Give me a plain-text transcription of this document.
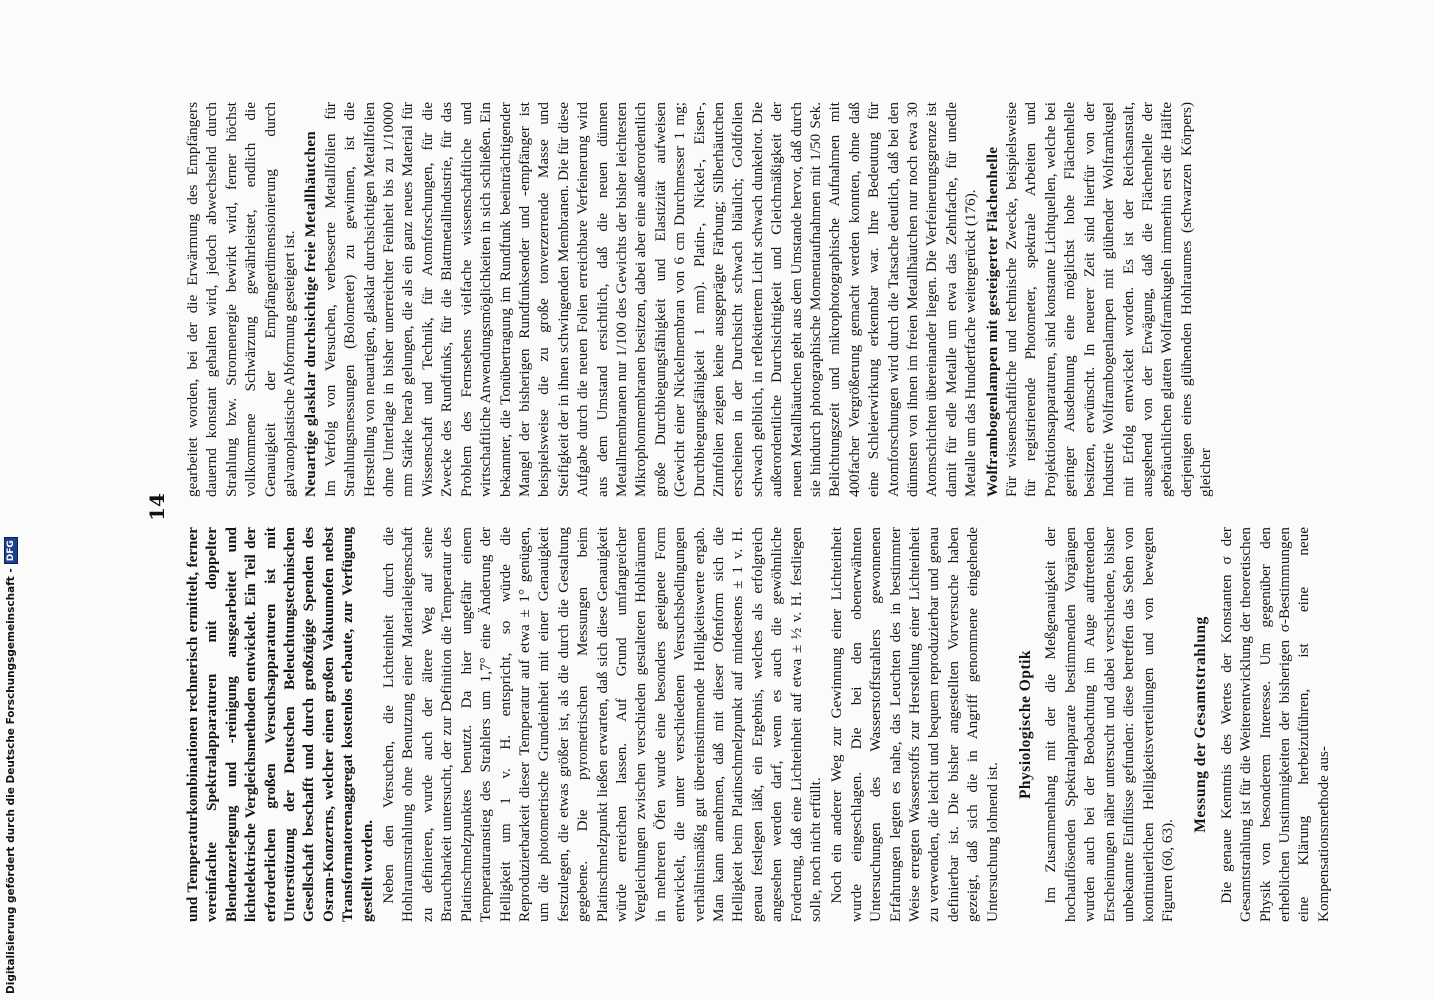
14

und Temperaturkombinationen rechnerisch ermittelt, ferner vereinfachte Spektralapparaturen mit doppelter Blendenzerlegung und -reinigung ausgearbeitet und lichtelektrische Vergleichsmethoden entwickelt. Ein Teil der erforderlichen großen Versuchsapparaturen ist mit Unterstützung der Deutschen Beleuchtungstechnischen Gesellschaft beschafft und durch großzügige Spenden des Osram-Konzerns, welcher einen großen Vakuumofen nebst Transformatorenaggregat kostenlos erbaute, zur Verfügung gestellt worden. Neben den Versuchen, die Lichteinheit durch die Hohlraumstrahlung ohne Benutzung einer Materialeigenschaft zu definieren, wurde auch der ältere Weg auf seine Brauchbarkeit untersucht, der zur Definition die Temperatur des Platinschmelzpunktes benutzt. Da hier ungefähr einem Temperaturanstieg des Strahlers um 1,7° eine Änderung der Helligkeit um 1 v. H. entspricht, so würde die Reproduzierbarkeit dieser Temperatur auf etwa ± 1° genügen, um die photometrische Grundeinheit mit einer Genauigkeit festzulegen, die etwas größer ist, als die durch die Gestaltung gegebene. Die pyrometrischen Messungen beim Platinschmelzpunkt ließen erwarten, daß sich diese Genauigkeit würde erreichen lassen. Auf Grund umfangreicher Vergleichungen zwischen verschieden gestalteten Hohlräumen in mehreren Öfen wurde eine besonders geeignete Form entwickelt, die unter verschiedenen Versuchsbedingungen verhältnismäßig gut übereinstimmende Helligkeitswerte ergab. Man kann annehmen, daß mit dieser Ofenform sich die Helligkeit beim Platinschmelzpunkt auf mindestens ± 1 v. H. genau festlegen läßt, ein Ergebnis, welches als erfolgreich angesehen werden darf, wenn es auch die gewöhnliche Forderung, daß eine Lichteinheit auf etwa ± ½ v. H. festliegen solle, noch nicht erfüllt. Noch ein anderer Weg zur Gewinnung einer Lichteinheit wurde eingeschlagen. Die bei den obenerwähnten Untersuchungen des Wasserstoffstrahlers gewonnenen Erfahrungen legten es nahe, das Leuchten des in bestimmter Weise erregten Wasserstoffs zur Herstellung einer Lichteinheit zu verwenden, die leicht und bequem reproduzierbar und genau definierbar ist. Die bisher angestellten Vorversuche haben gezeigt, daß sich die in Angriff genommene eingehende Untersuchung lohnend ist.

Physiologische Optik Im Zusammenhang mit der die Meßgenauigkeit der hochauflösenden Spektralapparate bestimmenden Vorgängen wurden auch bei der Beobachtung im Auge auftretenden Erscheinungen näher untersucht und dabei verschiedene, bisher unbekannte Einflüsse gefunden: diese betreffen das Sehen von kontinuierlichen Helligkeitsverteilungen und von bewegten Figuren (60, 63).

Messung der Gesamtstrahlung Die genaue Kenntnis des Wertes der Konstanten σ der Gesamtstrahlung ist für die Weiterentwicklung der theoretischen Physik von besonderem Interesse. Um gegenüber den erheblichen Unstimmigkeiten der bisherigen σ-Bestimmungen eine Klärung herbeizuführen, ist eine neue Kompensationsmethode aus-

gearbeitet worden, bei der die Erwärmung des Empfängers dauernd konstant gehalten wird, jedoch abwechselnd durch Strahlung bzw. Stromenergie bewirkt wird, ferner höchst vollkommene Schwärzung gewährleistet, endlich die Genauigkeit der Empfängerdimensionierung durch galvanoplastische Abformung gesteigert ist. Neuartige glasklar durchsichtige freie Metallhäutchen Im Verfolg von Versuchen, verbesserte Metallfolien für Strahlungsmessungen (Bolometer) zu gewinnen, ist die Herstellung von neuartigen, glasklar durchsichtigen Metallfolien ohne Unterlage in bisher unerreichter Feinheit bis zu 1/10000 mm Stärke herab gelungen, die als ein ganz neues Material für Wissenschaft und Technik, für Atomforschungen, für die Zwecke des Rundfunks, für die Blattmetallindustrie, für das Problem des Fernsehens vielfache wissenschaftliche und wirtschaftliche Anwendungsmöglichkeiten in sich schließen. Ein bekannter, die Tonübertragung im Rundfunk beeinträchtigender Mangel der bisherigen Rundfunksender und -empfänger ist beispielsweise die zu große tonverzerrende Masse und Steifigkeit der in ihnen schwingenden Membranen. Die für diese Aufgabe durch die neuen Folien erreichbare Verfeinerung wird aus dem Umstand ersichtlich, daß die neuen dünnen Metallmembranen nur 1/100 des Gewichts der bisher leichtesten Mikrophonmembranen besitzen, dabei aber eine außerordentlich große Durchbiegungsfähigkeit und Elastizität aufweisen (Gewicht einer Nickelmembran von 6 cm Durchmesser 1 mg; Durchbiegungsfähigkeit 1 mm). Platin-, Nickel-, Eisen-, Zinnfolien zeigen keine ausgeprägte Färbung; Silberhäutchen erscheinen in der Durchsicht schwach bläulich; Goldfolien schwach gelblich, in reflektiertem Licht schwach dunkelrot. Die außerordentliche Durchsichtigkeit und Gleichmäßigkeit der neuen Metallhäutchen geht aus dem Umstande hervor, daß durch sie hindurch photographische Momentaufnahmen mit 1/50 Sek. Belichtungszeit und mikrophotographische Aufnahmen mit 400facher Vergrößerung gemacht werden konnten, ohne daß eine Schleierwirkung erkennbar war. Ihre Bedeutung für Atomforschungen wird durch die Tatsache deutlich, daß bei den dünnsten von ihnen im freien Metallhäutchen nur noch etwa 30 Atomschichten übereinander liegen. Die Verfeinerungsgrenze ist damit für edle Metalle um etwa das Zehnfache, für unedle Metalle um das Hundertfache weitergerückt (176). Wolframbogenlampen mit gesteigerter Flächenhelle Für wissenschaftliche und technische Zwecke, beispielsweise für registrierende Photometer, spektrale Arbeiten und Projektionsapparaturen, sind konstante Lichtquellen, welche bei geringer Ausdehnung eine möglichst hohe Flächenhelle besitzen, erwünscht. In neuerer Zeit sind hierfür von der Industrie Wolframbogenlampen mit glühender Wolframkugel mit Erfolg entwickelt worden. Es ist der Reichsanstalt, ausgehend von der Erwägung, daß die Flächenhelle der gebräuchlichen glatten Wolframkugeln immerhin erst die Hälfte derjenigen eines glühenden Hohlraumes (schwarzen Körpers) gleicher

Digitalisierung gefördert durch die Deutsche Forschungsgemeinschaft -
DFG
